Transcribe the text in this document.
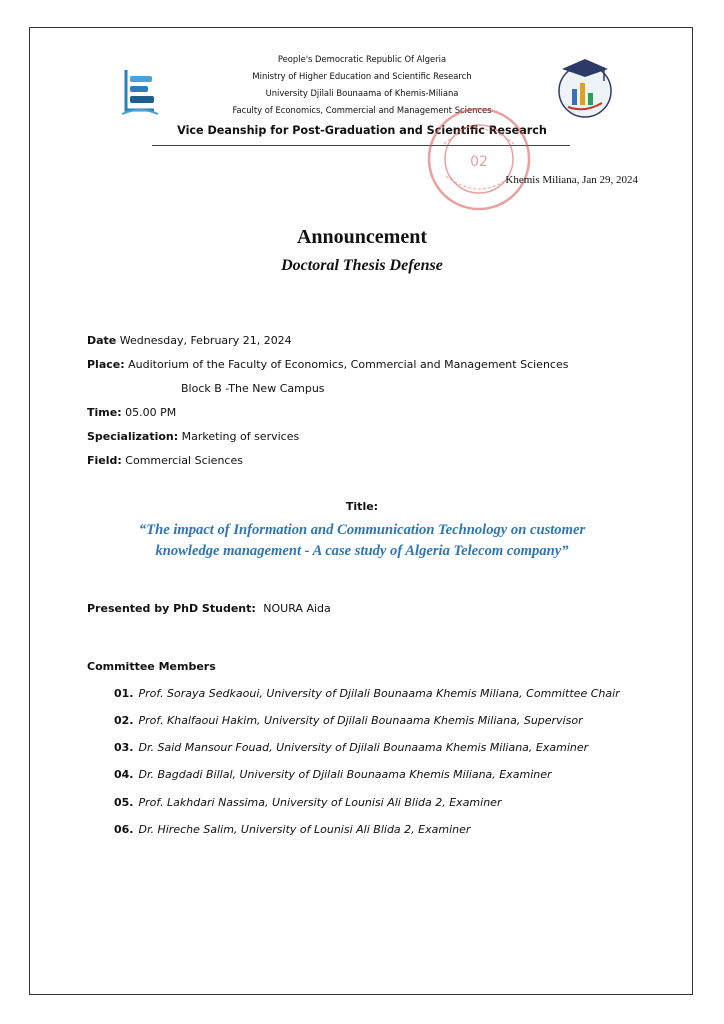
People's Democratic Republic Of Algeria
Ministry of Higher Education and Scientific Research
University Djilali Bounaama of Khemis-Miliana
Faculty of Economics, Commercial and Management Sciences
Vice Deanship for Post-Graduation and Scientific Research
02
Khemis Miliana, Jan 29, 2024
Announcement
Doctoral Thesis Defense
Date Wednesday, February 21, 2024
Place: Auditorium of the Faculty of Economics, Commercial and Management Sciences
Block B -The New Campus
Time: 05.00 PM
Specialization: Marketing of services
Field: Commercial Sciences
Title:
“The impact of Information and Communication Technology on customer
knowledge management - A case study of Algeria Telecom company”
Presented by PhD Student: NOURA Aida
Committee Members
01. Prof. Soraya Sedkaoui, University of Djilali Bounaama Khemis Miliana, Committee Chair
02. Prof. Khalfaoui Hakim, University of Djilali Bounaama Khemis Miliana, Supervisor
03. Dr. Said Mansour Fouad, University of Djilali Bounaama Khemis Miliana, Examiner
04. Dr. Bagdadi Billal, University of Djilali Bounaama Khemis Miliana, Examiner
05. Prof. Lakhdari Nassima, University of Lounisi Ali Blida 2, Examiner
06. Dr. Hireche Salim, University of Lounisi Ali Blida 2, Examiner
